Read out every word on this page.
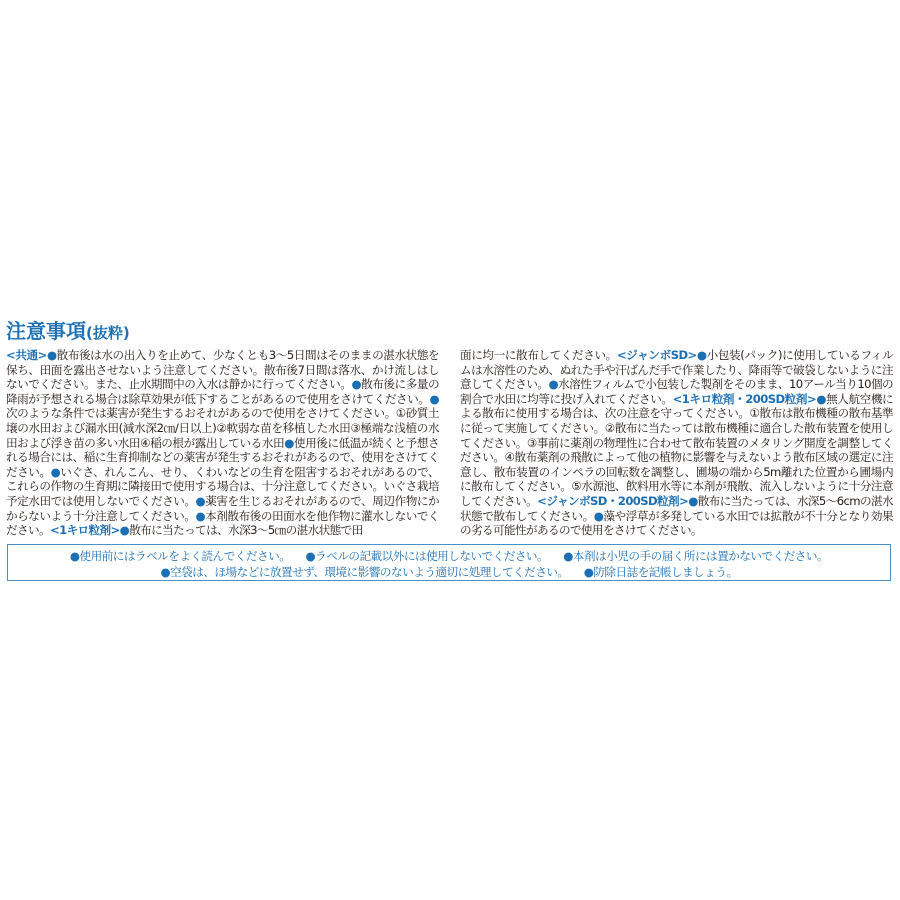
注意事項(抜粋)
<共通>●散布後は水の出入りを止めて、少なくとも3～5日間はそのままの湛水状態を保ち、田面を露出させないよう注意してください。散布後7日間は落水、かけ流しはしないでください。また、止水期間中の入水は静かに行ってください。●散布後に多量の降雨が予想される場合は除草効果が低下することがあるので使用をさけてください。●次のような条件では薬害が発生するおそれがあるので使用をさけてください。①砂質土壌の水田および漏水田(減水深2㎝/日以上)②軟弱な苗を移植した水田③極端な浅植の水田および浮き苗の多い水田④稲の根が露出している水田●使用後に低温が続くと予想される場合には、稲に生育抑制などの薬害が発生するおそれがあるので、使用をさけてください。●いぐさ、れんこん、せり、くわいなどの生育を阻害するおそれがあるので、これらの作物の生育期に隣接田で使用する場合は、十分注意してください。いぐさ栽培予定水田では使用しないでください。●薬害を生じるおそれがあるので、周辺作物にかからないよう十分注意してください。●本剤散布後の田面水を他作物に灌水しないでください。<1キロ粒剤>●散布に当たっては、水深3～5㎝の湛水状態で田
面に均一に散布してください。<ジャンボSD>●小包装(パック)に使用しているフィルムは水溶性のため、ぬれた手や汗ばんだ手で作業したり、降雨等で破袋しないように注意してください。●水溶性フィルムで小包装した製剤をそのまま、10アール当り10個の割合で水田に均等に投げ入れてください。<1キロ粒剤・200SD粒剤>●無人航空機による散布に使用する場合は、次の注意を守ってください。①散布は散布機種の散布基準に従って実施してください。②散布に当たっては散布機種に適合した散布装置を使用してください。③事前に薬剤の物理性に合わせて散布装置のメタリング開度を調整してください。④散布薬剤の飛散によって他の植物に影響を与えないよう散布区域の選定に注意し、散布装置のインペラの回転数を調整し、圃場の端から5m離れた位置から圃場内に散布してください。⑤水源池、飲料用水等に本剤が飛散、流入しないように十分注意してください。<ジャンボSD・200SD粒剤>●散布に当たっては、水深5～6cmの湛水状態で散布してください。●藻や浮草が多発している水田では拡散が不十分となり効果の劣る可能性があるので使用をさけてください。
●使用前にはラベルをよく読んでください。 ●ラベルの記載以外には使用しないでください。 ●本剤は小児の手の届く所には置かないでください。
●空袋は、ほ場などに放置せず、環境に影響のないよう適切に処理してください。 ●防除日誌を記帳しましょう。
